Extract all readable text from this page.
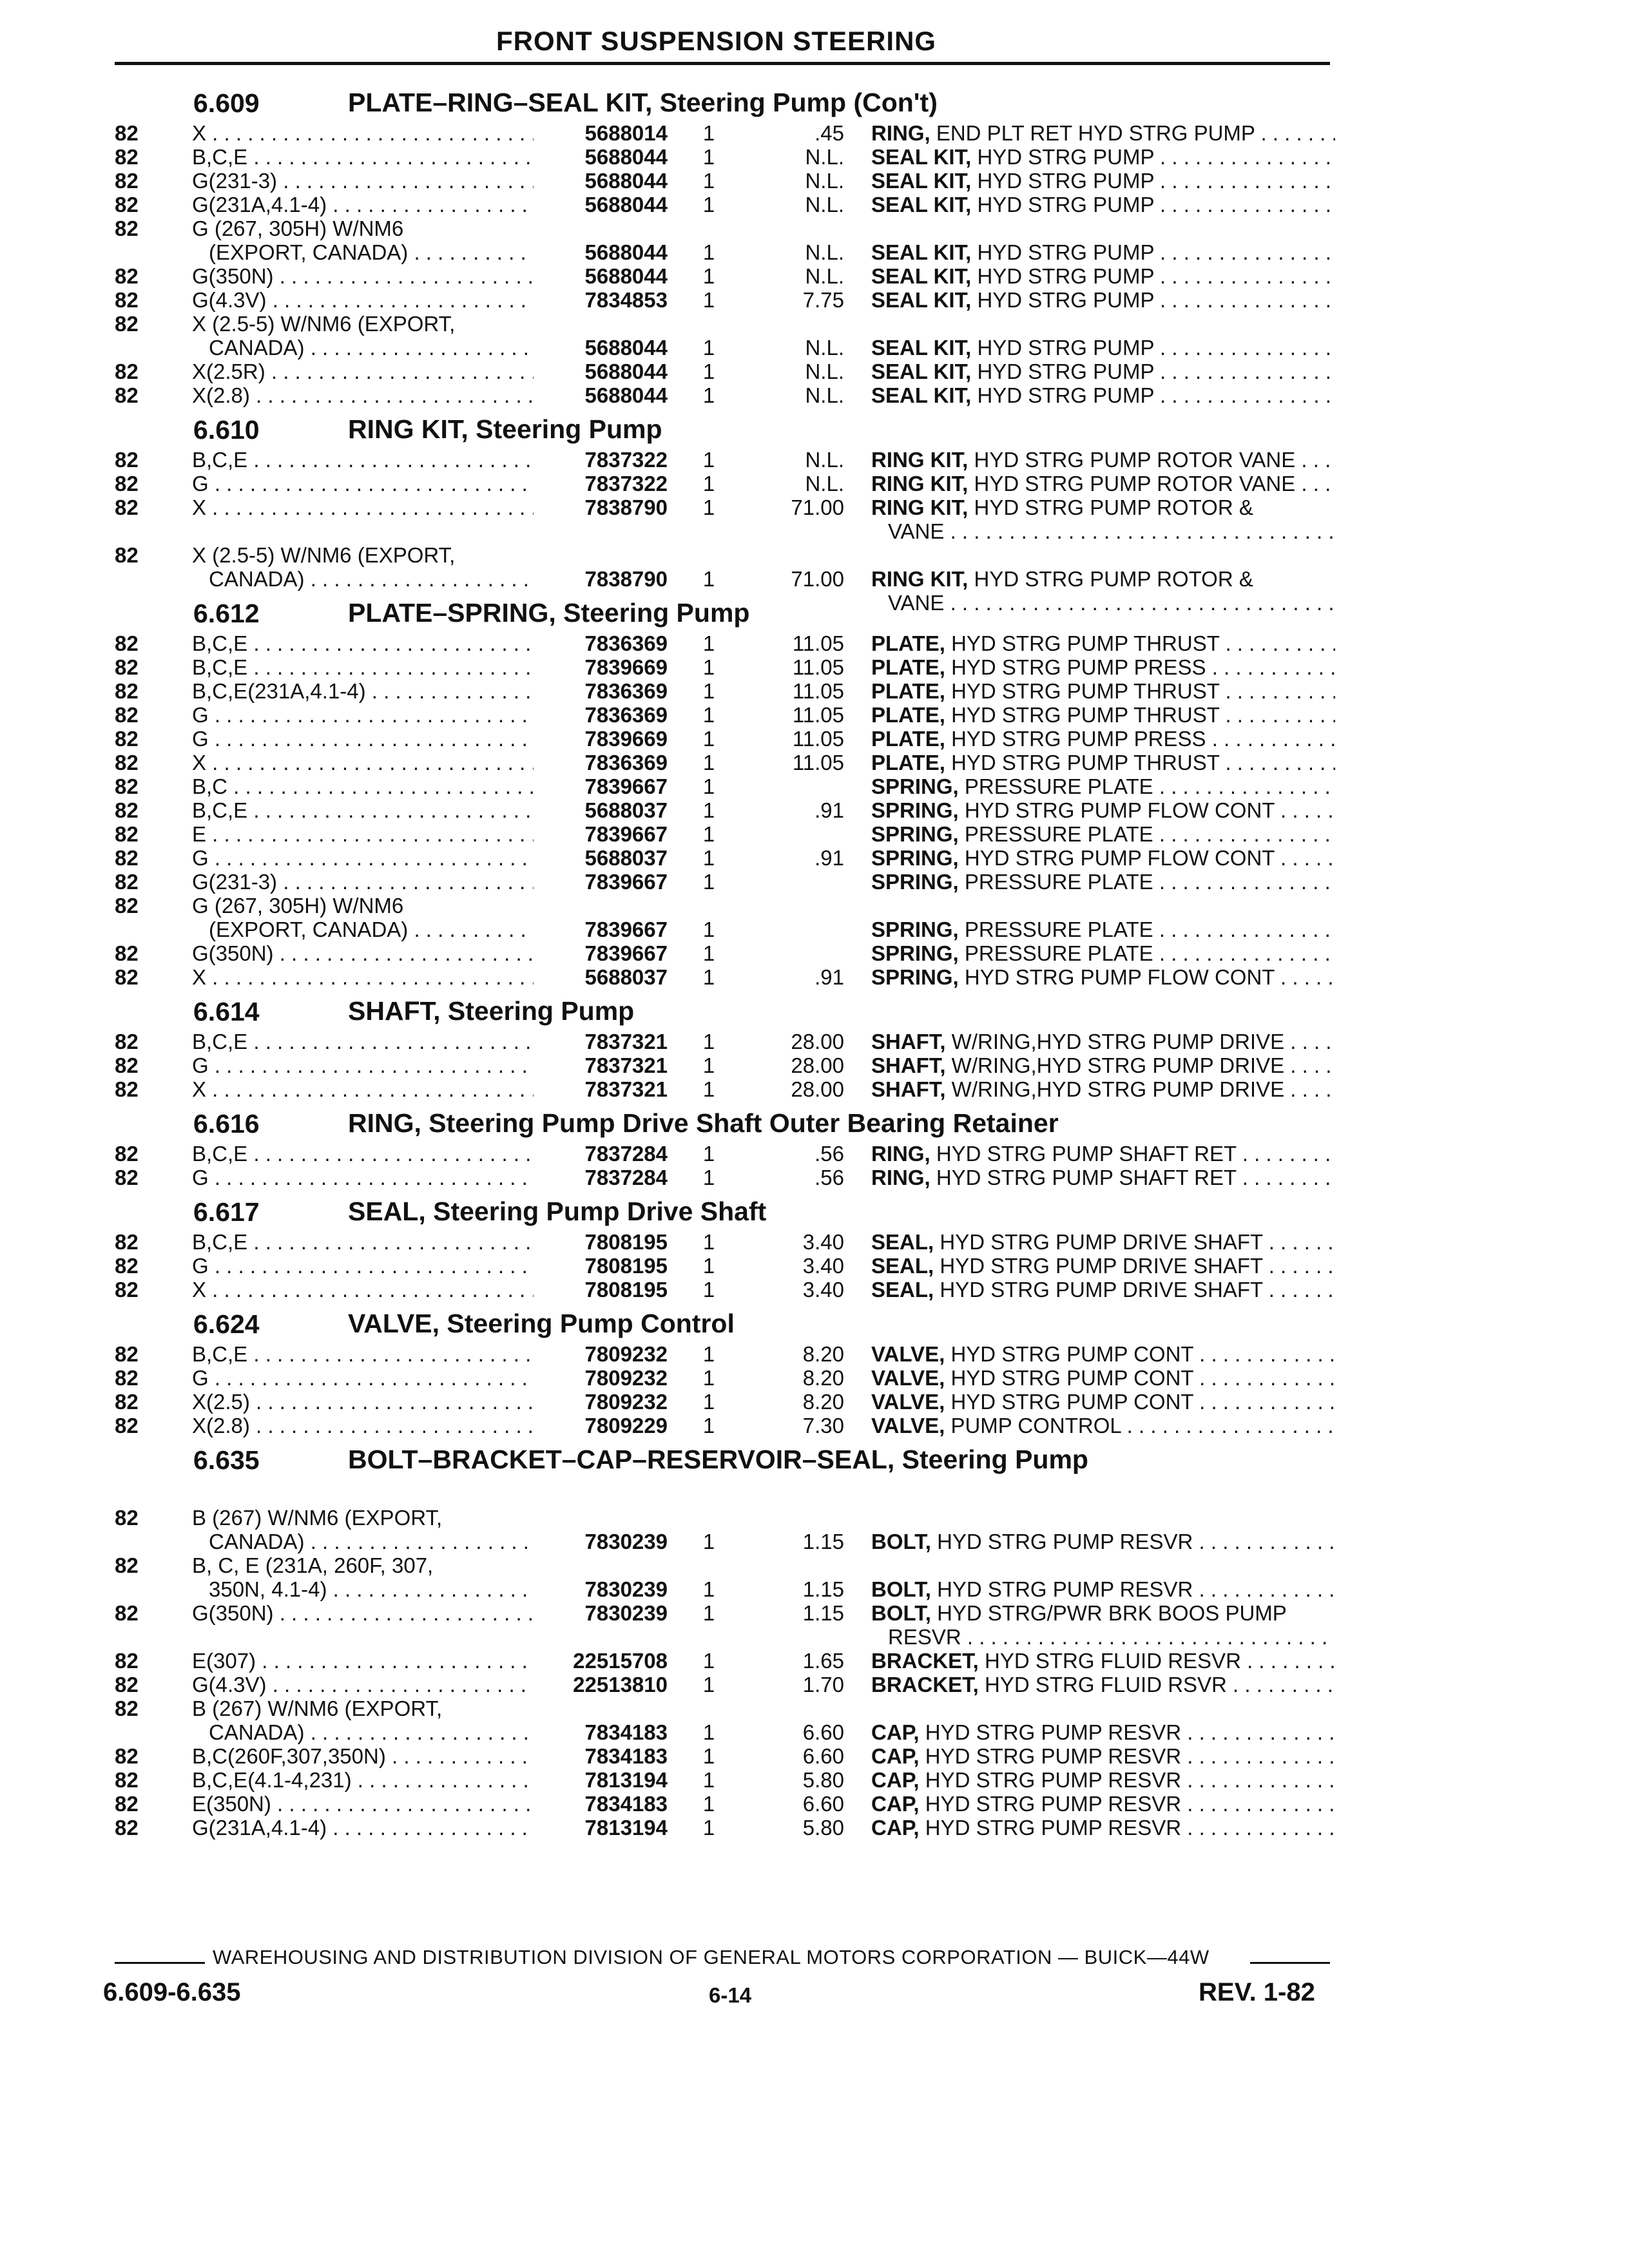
FRONT SUSPENSION STEERING
6.609	PLATE–RING–SEAL KIT, Steering Pump (Con't)
82	X . . .	5688014 1	.45 RING, END PLT RET HYD STRG PUMP . . .
82	B,C,E . . .	5688044 1	N.L. SEAL KIT, HYD STRG PUMP . . .
82	G(231-3) . . .	5688044 1	N.L. SEAL KIT, HYD STRG PUMP . . .
82	G(231A,4.1-4) . . .	5688044 1	N.L. SEAL KIT, HYD STRG PUMP . . .
82	G (267, 305H) W/NM6
(EXPORT, CANADA) . . .	5688044 1	N.L. SEAL KIT, HYD STRG PUMP . . .
82	G(350N) . . .	5688044 1	N.L. SEAL KIT, HYD STRG PUMP . . .
82	G(4.3V) . . .	7834853 1	7.75 SEAL KIT, HYD STRG PUMP . . .
82	X (2.5-5) W/NM6 (EXPORT,
CANADA) . . .	5688044 1	N.L. SEAL KIT, HYD STRG PUMP . . .
82	X(2.5R) . . .	5688044 1	N.L. SEAL KIT, HYD STRG PUMP . . .
82	X(2.8) . . .	5688044 1	N.L. SEAL KIT, HYD STRG PUMP . . .
6.610	RING KIT, Steering Pump
82	B,C,E . . .	7837322 1	N.L. RING KIT, HYD STRG PUMP ROTOR VANE . . .
82	G . . .	7837322 1	N.L. RING KIT, HYD STRG PUMP ROTOR VANE . . .
82	X . . .	7838790 1	71.00 RING KIT, HYD STRG PUMP ROTOR &
VANE . . .
82	X (2.5-5) W/NM6 (EXPORT,
CANADA) . . .	7838790 1	71.00 RING KIT, HYD STRG PUMP ROTOR &
VANE . . .
6.612	PLATE–SPRING, Steering Pump
82	B,C,E . . .	7836369 1	11.05 PLATE, HYD STRG PUMP THRUST . . .
82	B,C,E . . .	7839669 1	11.05 PLATE, HYD STRG PUMP PRESS . . .
82	B,C,E(231A,4.1-4) . . .	7836369 1	11.05 PLATE, HYD STRG PUMP THRUST . . .
82	G . . .	7836369 1	11.05 PLATE, HYD STRG PUMP THRUST . . .
82	G . . .	7839669 1	11.05 PLATE, HYD STRG PUMP PRESS . . .
82	X . . .	7836369 1	11.05 PLATE, HYD STRG PUMP THRUST . . .
82	B,C . . .	7839667 1	SPRING, PRESSURE PLATE . . .
82	B,C,E . . .	5688037 1	.91 SPRING, HYD STRG PUMP FLOW CONT . . .
82	E . . .	7839667 1	SPRING, PRESSURE PLATE . . .
82	G . . .	5688037 1	.91 SPRING, HYD STRG PUMP FLOW CONT . . .
82	G(231-3) . . .	7839667 1	SPRING, PRESSURE PLATE . . .
82	G (267, 305H) W/NM6
(EXPORT, CANADA) . . .	7839667 1	SPRING, PRESSURE PLATE . . .
82	G(350N) . . .	7839667 1	SPRING, PRESSURE PLATE . . .
82	X . . .	5688037 1	.91 SPRING, HYD STRG PUMP FLOW CONT . . .
6.614	SHAFT, Steering Pump
82	B,C,E . . .	7837321 1	28.00 SHAFT, W/RING,HYD STRG PUMP DRIVE . . .
82	G . . .	7837321 1	28.00 SHAFT, W/RING,HYD STRG PUMP DRIVE . . .
82	X . . .	7837321 1	28.00 SHAFT, W/RING,HYD STRG PUMP DRIVE . . .
6.616	RING, Steering Pump Drive Shaft Outer Bearing Retainer
82	B,C,E . . .	7837284 1	.56 RING, HYD STRG PUMP SHAFT RET . . .
82	G . . .	7837284 1	.56 RING, HYD STRG PUMP SHAFT RET . . .
6.617	SEAL, Steering Pump Drive Shaft
82	B,C,E . . .	7808195 1	3.40 SEAL, HYD STRG PUMP DRIVE SHAFT . . .
82	G . . .	7808195 1	3.40 SEAL, HYD STRG PUMP DRIVE SHAFT . . .
82	X . . .	7808195 1	3.40 SEAL, HYD STRG PUMP DRIVE SHAFT . . .
6.624	VALVE, Steering Pump Control
82	B,C,E . . .	7809232 1	8.20 VALVE, HYD STRG PUMP CONT . . .
82	G . . .	7809232 1	8.20 VALVE, HYD STRG PUMP CONT . . .
82	X(2.5) . . .	7809232 1	8.20 VALVE, HYD STRG PUMP CONT . . .
82	X(2.8) . . .	7809229 1	7.30 VALVE, PUMP CONTROL . . .
6.635	BOLT–BRACKET–CAP–RESERVOIR–SEAL, Steering Pump
82	B (267) W/NM6 (EXPORT,
CANADA) . . .	7830239 1	1.15 BOLT, HYD STRG PUMP RESVR . . .
82	B, C, E (231A, 260F, 307,
350N, 4.1-4) . . .	7830239 1	1.15 BOLT, HYD STRG PUMP RESVR . . .
82	G(350N) . . .	7830239 1	1.15 BOLT, HYD STRG/PWR BRK BOOS PUMP
RESVR . . .
82	E(307) . . .	22515708 1	1.65 BRACKET, HYD STRG FLUID RESVR . . .
82	G(4.3V) . . .	22513810 1	1.70 BRACKET, HYD STRG FLUID RSVR . . .
82	B (267) W/NM6 (EXPORT,
CANADA) . . .	7834183 1	6.60 CAP, HYD STRG PUMP RESVR . . .
82	B,C(260F,307,350N) . . .	7834183 1	6.60 CAP, HYD STRG PUMP RESVR . . .
82	B,C,E(4.1-4,231) . . .	7813194 1	5.80 CAP, HYD STRG PUMP RESVR . . .
82	E(350N) . . .	7834183 1	6.60 CAP, HYD STRG PUMP RESVR . . .
82	G(231A,4.1-4) . . .	7813194 1	5.80 CAP, HYD STRG PUMP RESVR . . .
WAREHOUSING AND DISTRIBUTION DIVISION OF GENERAL MOTORS CORPORATION — BUICK—44W
6.609-6.635	6-14	REV. 1-82
